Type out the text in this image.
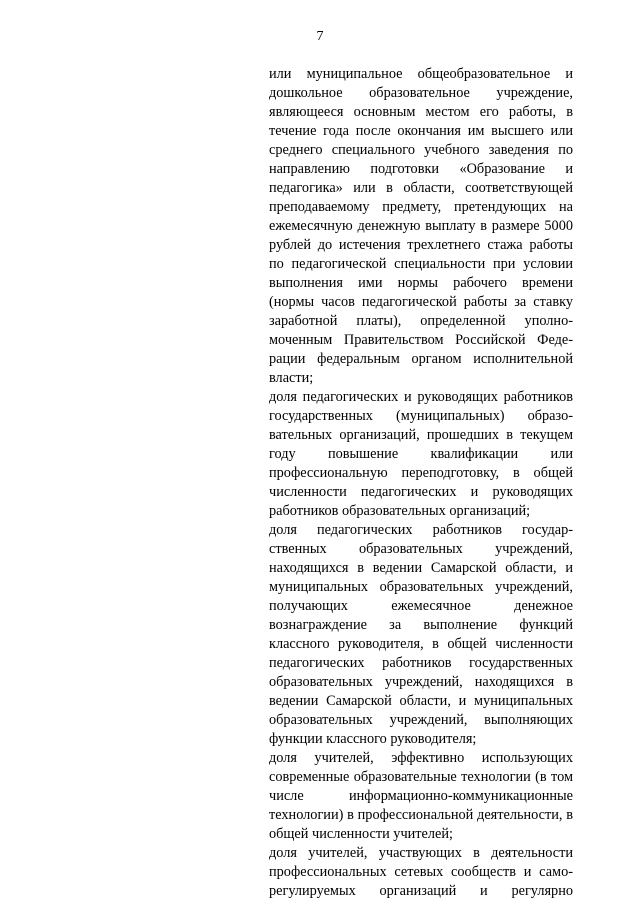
7
или муниципальное общеобразовательное и
дошкольное образовательное учреждение,
являющееся основным местом его работы, в
течение года после окончания им высшего или
среднего специального учебного заведения по
направлению подготовки «Образование и
педагогика» или в области, соответствующей
преподаваемому предмету, претендующих на
ежемесячную денежную выплату в размере 5000
рублей до истечения трехлетнего стажа работы
по педагогической специальности при условии
выполнения ими нормы рабочего времени
(нормы часов педагогической работы за ставку
заработной платы), определенной уполно-
моченным Правительством Российской Феде-
рации федеральным органом исполнительной
власти;
доля педагогических и руководящих работников
государственных (муниципальных) образо-
вательных организаций, прошедших в текущем
году повышение квалификации или
профессиональную переподготовку, в общей
численности педагогических и руководящих
работников образовательных организаций;
доля педагогических работников государ-
ственных образовательных учреждений,
находящихся в ведении Самарской области, и
муниципальных образовательных учреждений,
получающих ежемесячное денежное
вознаграждение за выполнение функций
классного руководителя, в общей численности
педагогических работников государственных
образовательных учреждений, находящихся в
ведении Самарской области, и муниципальных
образовательных учреждений, выполняющих
функции классного руководителя;
доля учителей, эффективно использующих
современные образовательные технологии (в том
числе информационно-коммуникационные
технологии) в профессиональной деятельности, в
общей численности учителей;
доля учителей, участвующих в деятельности
профессиональных сетевых сообществ и само-
регулируемых организаций и регулярно
